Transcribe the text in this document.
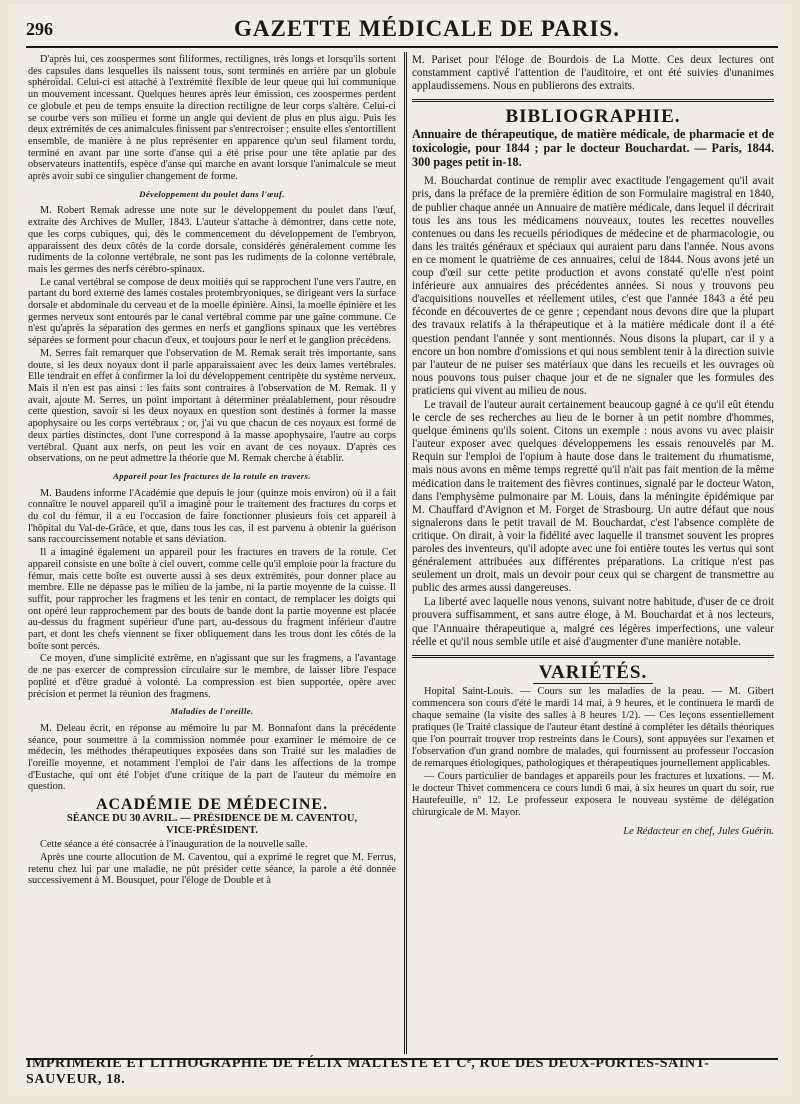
296	GAZETTE MÉDICALE DE PARIS.

D'après lui, ces zoospermes sont filiformes, rectilignes, très longs et lorsqu'ils sortent des capsules dans lesquelles ils naissent tous, sont terminés en arrière par un globule sphéroïdal. Celui-ci est attaché à l'extrémité flexible de leur queue qui lui communique un mouvement incessant. Quelques heures après leur émission, ces zoospermes perdent ce globule et peu de temps ensuite la direction rectiligne de leur corps s'altère. Celui-ci se courbe vers son milieu et forme un angle qui devient de plus en plus aigu. Puis les deux extrémités de ces animalcules finissent par s'entrecroiser ; ensuite elles s'entortillent ensemble, de manière à ne plus représenter en apparence qu'un seul filament tordu, terminé en avant par une sorte d'anse qui a été prise pour une tête aplatie par des observateurs inattentifs, espèce d'anse qui marche en avant lorsque l'animalcule se meut après avoir subi ce singulier changement de forme.

Développement du poulet dans l'œuf.

M. Robert Remak adresse une note sur le développement du poulet dans l'œuf, extraite des Archives de Muller, 1843. L'auteur s'attache à démontrer, dans cette note, que les corps cubiques, qui, dès le commencement du développement de l'embryon, apparaissent des deux côtés de la corde dorsale, considérés généralement comme les rudiments de la colonne vertébrale, ne sont pas les rudiments de la colonne vertébrale, mais les germes des nerfs cérébro-spinaux.

Le canal vertébral se compose de deux moitiés qui se rapprochent l'une vers l'autre, en partant du bord externe des lames costales protembryoniques, se dirigeant vers la surface dorsale et abdominale du cerveau et de la moelle épinière. Ainsi, la moelle épinière et les germes nerveux sont entourés par le canal vertébral comme par une gaîne commune. Ce n'est qu'après la séparation des germes en nerfs et ganglions spinaux que les vertèbres séparées se forment pour chacun d'eux, et toujours pour le nerf et le ganglion précédens.

M. Serres fait remarquer que l'observation de M. Remak serait très importante, sans doute, si les deux noyaux dont il parle apparaissaient avec les deux lames vertébrales. Elle tendrait en effet à confirmer la loi du développement centripète du système nerveux. Mais il n'en est pas ainsi : les faits sont contraires à l'observation de M. Remak. Il y avait, ajoute M. Serres, un point important à déterminer préalablement, pour résoudre cette question, savoir si les deux noyaux en question sont destinés à former la masse apophysaire ou les corps vertébraux ; or, j'ai vu que chacun de ces noyaux est formé de deux parties distinctes, dont l'une correspond à la masse apophysaire, l'autre au corps vertébral. Quant aux nerfs, on peut les voir en avant de ces noyaux. D'après ces observations, on ne peut admettre la théorie que M. Remak cherche à établir.

Appareil pour les fractures de la rotule en travers.

M. Baudens informe l'Académie que depuis le jour (quinze mois environ) où il a fait connaître le nouvel appareil qu'il a imaginé pour le traitement des fractures du corps et du col du fémur, il a eu l'occasion de faire fonctionner plusieurs fois cet appareil à l'hôpital du Val-de-Grâce, et que, dans tous les cas, il est parvenu à obtenir la guérison sans raccourcissement notable et sans déviation.

Il a imaginé également un appareil pour les fractures en travers de la rotule. Cet appareil consiste en une boîte à ciel ouvert, comme celle qu'il emploie pour la fracture du fémur, mais cette boîte est ouverte aussi à ses deux extrémités, pour donner place au membre. Elle ne dépasse pas le milieu de la jambe, ni la partie moyenne de la cuisse. Il suffit, pour rapprocher les fragmens et les tenir en contact, de remplacer les doigts qui ont opéré leur rapprochement par des bouts de bande dont la partie moyenne est placée au-dessus du fragment supérieur d'une part, au-dessous du fragment inférieur d'autre part, et dont les chefs viennent se fixer obliquement dans les trous dont les côtés de la boîte sont percés.

Ce moyen, d'une simplicité extrême, en n'agissant que sur les fragmens, a l'avantage de ne pas exercer de compression circulaire sur le membre, de laisser libre l'espace poplité et d'être gradué à volonté. La compression est bien supportée, opère avec précision et permet la réunion des fragmens.

Maladies de l'oreille.

M. Deleau écrit, en réponse au mémoire lu par M. Bonnafont dans la précédente séance, pour soumettre à la commission nommée pour examiner le mémoire de ce médecin, les méthodes thérapeutiques exposées dans son Traité sur les maladies de l'oreille moyenne, et notamment l'emploi de l'air dans les affections de la trompe d'Eustache, qui ont été l'objet d'une critique de la part de l'auteur du mémoire en question.

ACADÉMIE DE MÉDECINE.
SÉANCE DU 30 AVRIL. — PRÉSIDENCE DE M. CAVENTOU,
VICE-PRÉSIDENT.

Cette séance a été consacrée à l'inauguration de la nouvelle salle.

Après une courte allocution de M. Caventou, qui a exprimé le regret que M. Ferrus, retenu chez lui par une maladie, ne pût présider cette séance, la parole a été donnée successivement à M. Bousquet, pour l'éloge de Double et à

M. Pariset pour l'éloge de Bourdois de La Motte. Ces deux lectures ont constamment captivé l'attention de l'auditoire, et ont été suivies d'unanimes applaudissemens. Nous en publierons des extraits.

BIBLIOGRAPHIE.
Annuaire de thérapeutique, de matière médicale, de pharmacie et de toxicologie, pour 1844 ; par le docteur Bouchardat. — Paris, 1844. 300 pages petit in-18.

M. Bouchardat continue de remplir avec exactitude l'engagement qu'il avait pris, dans la préface de la première édition de son Formulaire magistral en 1840, de publier chaque année un Annuaire de matière médicale, dans lequel il décrirait tous les ans tous les médicamens nouveaux, toutes les recettes nouvelles contenues ou dans les recueils périodiques de médecine et de pharmacologie, ou dans les traités généraux et spéciaux qui auraient paru dans l'année. Nous avons en ce moment le quatrième de ces annuaires, celui de 1844. Nous avons jeté un coup d'œil sur cette petite production et avons constaté qu'elle n'est point inférieure aux annuaires des précédentes années. Si nous y trouvons peu d'acquisitions nouvelles et réellement utiles, c'est que l'année 1843 a été peu féconde en découvertes de ce genre ; cependant nous devons dire que la plupart des travaux relatifs à la thérapeutique et à la matière médicale dont il a été question pendant l'année y sont mentionnés. Nous disons la plupart, car il y a encore un bon nombre d'omissions et qui nous semblent tenir à la direction suivie par l'auteur de ne puiser ses matériaux que dans les recueils et les ouvrages où nous pouvons tous puiser chaque jour et de ne signaler que les formules des praticiens qui vivent au milieu de nous.

Le travail de l'auteur aurait certainement beaucoup gagné à ce qu'il eût étendu le cercle de ses recherches au lieu de le borner à un petit nombre d'hommes, quelque éminens qu'ils soient. Citons un exemple : nous avons vu avec plaisir l'auteur exposer avec quelques développemens les essais renouvelés par M. Requin sur l'emploi de l'opium à haute dose dans le traitement du rhumatisme, mais nous avons en même temps regretté qu'il n'ait pas fait mention de la même médication dans le traitement des fièvres continues, signalé par le docteur Waton, dans l'emphysème pulmonaire par M. Louis, dans la méningite épidémique par M. Chauffard d'Avignon et M. Forget de Strasbourg. Un autre défaut que nous signalerons dans le petit travail de M. Bouchardat, c'est l'absence complète de critique. On dirait, à voir la fidélité avec laquelle il transmet souvent les propres paroles des inventeurs, qu'il adopte avec une foi entière toutes les vertus qui sont généralement attribuées aux différentes préparations. La critique n'est pas seulement un droit, mais un devoir pour ceux qui se chargent de transmettre au public des armes aussi dangereuses.

La liberté avec laquelle nous venons, suivant notre habitude, d'user de ce droit prouvera suffisamment, et sans autre éloge, à M. Bouchardat et à nos lecteurs, que l'Annuaire thérapeutique a, malgré ces légères imperfections, une valeur réelle et qu'il nous semble utile et aisé d'augmenter d'une manière notable.

VARIÉTÉS.

Hopital Saint-Louis. — Cours sur les maladies de la peau. — M. Gibert commencera son cours d'été le mardi 14 mai, à 9 heures, et le continuera le mardi de chaque semaine (la visite des salles à 8 heures 1/2). — Ces leçons essentiellement pratiques (le Traité classique de l'auteur étant destiné à compléter les détails théoriques que l'on pourrait trouver trop restreints dans le Cours), sont appuyées sur l'examen et l'observation d'un grand nombre de malades, qui fournissent au professeur l'occasion de remarques étiologiques, pathologiques et thérapeutiques journellement applicables.

— Cours particulier de bandages et appareils pour les fractures et luxations. — M. le docteur Thivet commencera ce cours lundi 6 mai, à six heures un quart du soir, rue Hautefeuille, nº 12. Le professeur exposera le nouveau système de délégation chirurgicale de M. Mayor.

Le Rédacteur en chef, Jules Guérin.
IMPRIMERIE ET LITHOGRAPHIE DE FÉLIX MALTESTE ET Cᵉ, RUE DES DEUX-PORTES-SAINT-SAUVEUR, 18.
